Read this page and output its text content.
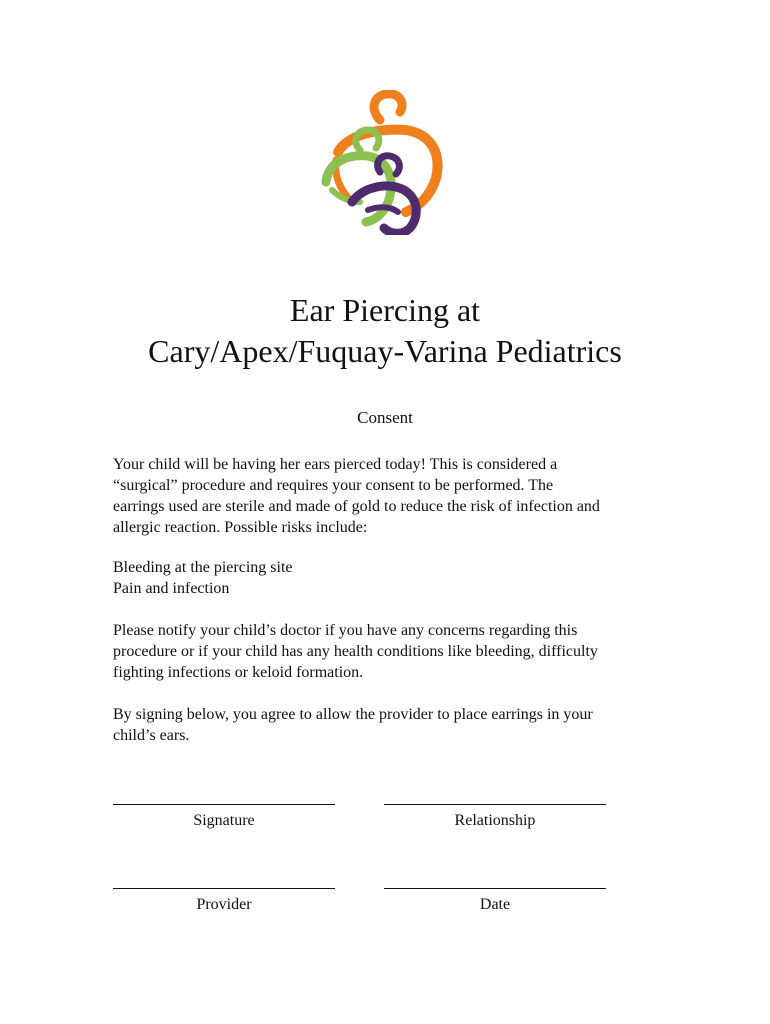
Ear Piercing at
Cary/Apex/Fuquay-Varina Pediatrics
Consent

Your child will be having her ears pierced today! This is considered a
“surgical” procedure and requires your consent to be performed. The
earrings used are sterile and made of gold to reduce the risk of infection and
allergic reaction. Possible risks include:

Bleeding at the piercing site
Pain and infection

Please notify your child’s doctor if you have any concerns regarding this
procedure or if your child has any health conditions like bleeding, difficulty
fighting infections or keloid formation.

By signing below, you agree to allow the provider to place earrings in your
child’s ears.

Signature	Relationship
Provider	Date
